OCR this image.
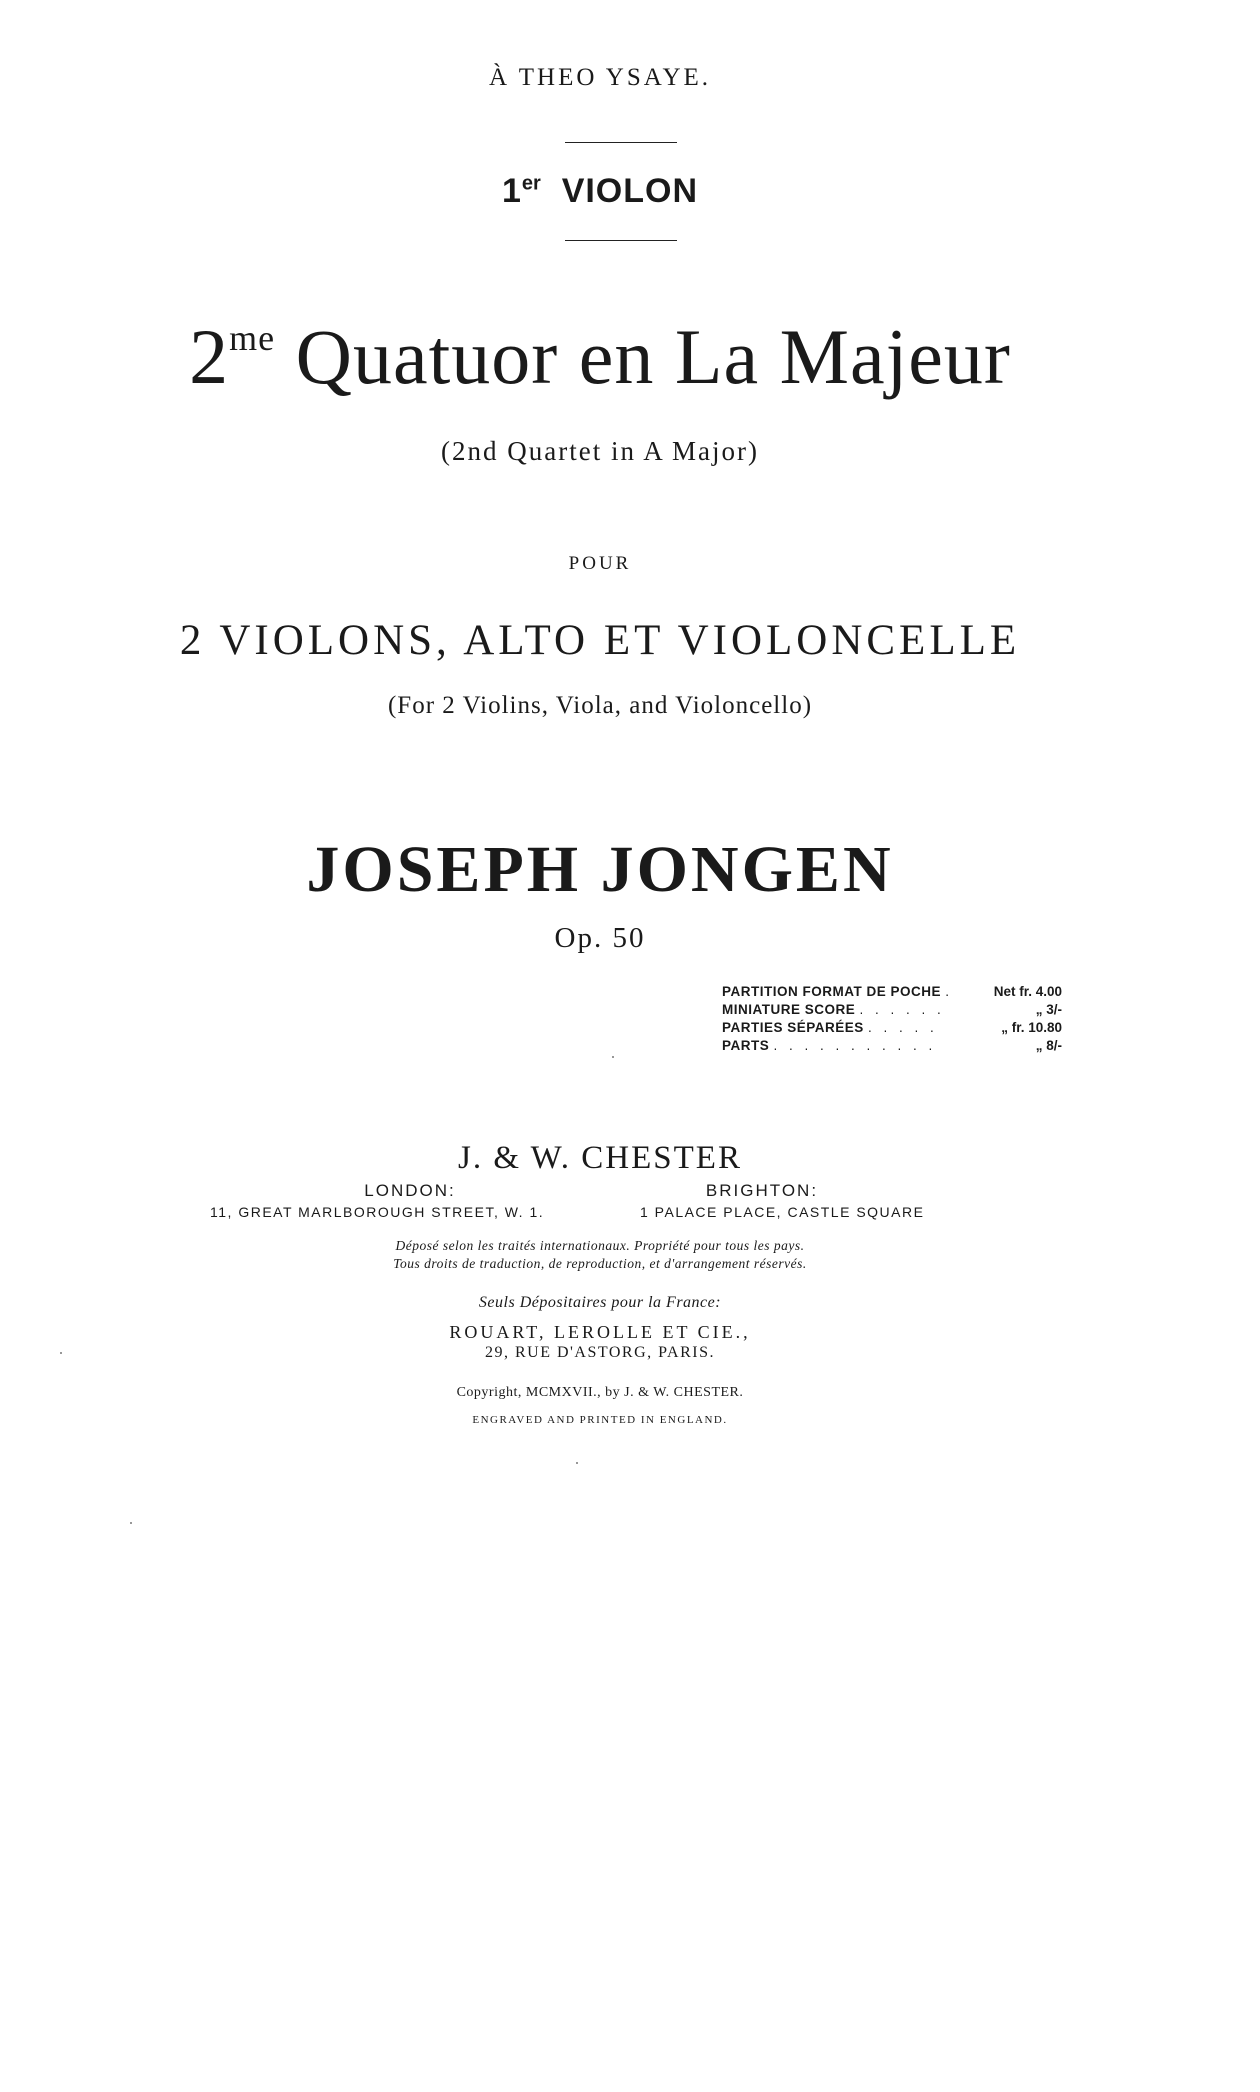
À THEO YSAYE.
1er VIOLON
$2^{me}$ Quatuor en La Majeur
(2nd Quartet in A Major)
POUR
2 VIOLONS, ALTO ET VIOLONCELLE
(For 2 Violins, Viola, and Violoncello)
JOSEPH JONGEN
Op. 50
PARTITION FORMAT DE POCHE .	Net fr. 4.00
MINIATURE SCORE . . . . . .	„ 3/-
PARTIES SÉPARÉES . . . . .	„ fr. 10.80
PARTS . . . . . . . . . . .	„ 8/-
J. & W. CHESTER
LONDON:	BRIGHTON:
11, GREAT MARLBOROUGH STREET, W. 1.	1 PALACE PLACE, CASTLE SQUARE
Déposé selon les traités internationaux. Propriété pour tous les pays.
Tous droits de traduction, de reproduction, et d'arrangement réservés.
Seuls Dépositaires pour la France:
ROUART, LEROLLE ET CIE.,
29, RUE D'ASTORG, PARIS.
Copyright, MCMXVII., by J. & W. CHESTER.
ENGRAVED AND PRINTED IN ENGLAND.
